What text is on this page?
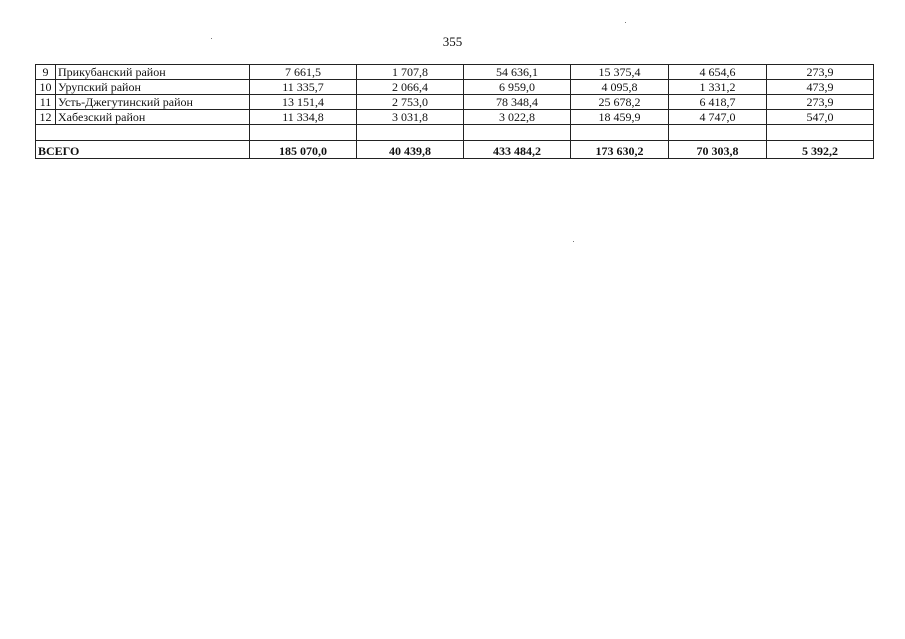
355
9	Прикубанский район	7 661,5	1 707,8	54 636,1	15 375,4	4 654,6	273,9
10	Урупский район	11 335,7	2 066,4	6 959,0	4 095,8	1 331,2	473,9
11	Усть-Джегутинский район	13 151,4	2 753,0	78 348,4	25 678,2	6 418,7	273,9
12	Хабезский район	11 334,8	3 031,8	3 022,8	18 459,9	4 747,0	547,0

ВСЕГО		185 070,0	40 439,8	433 484,2	173 630,2	70 303,8	5 392,2
